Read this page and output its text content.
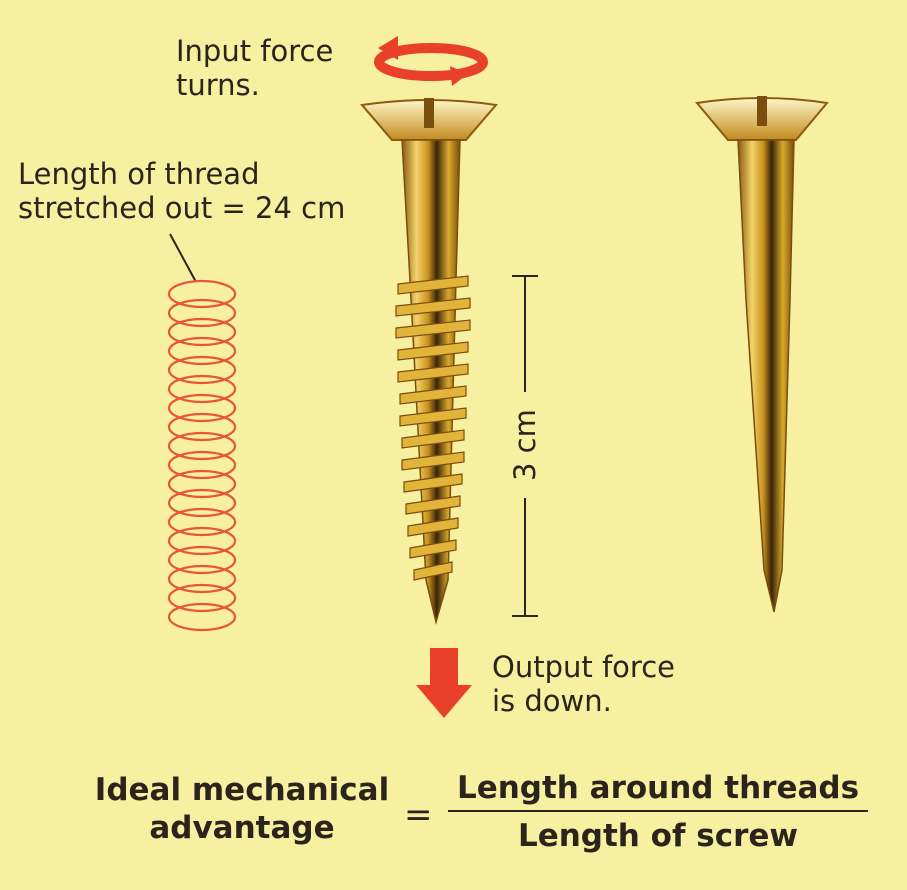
Input force
turns.
Length of thread
stretched out = 24 cm
3 cm
Output force
is down.
Ideal mechanical
advantage	=
Length around threads
Length of screw
